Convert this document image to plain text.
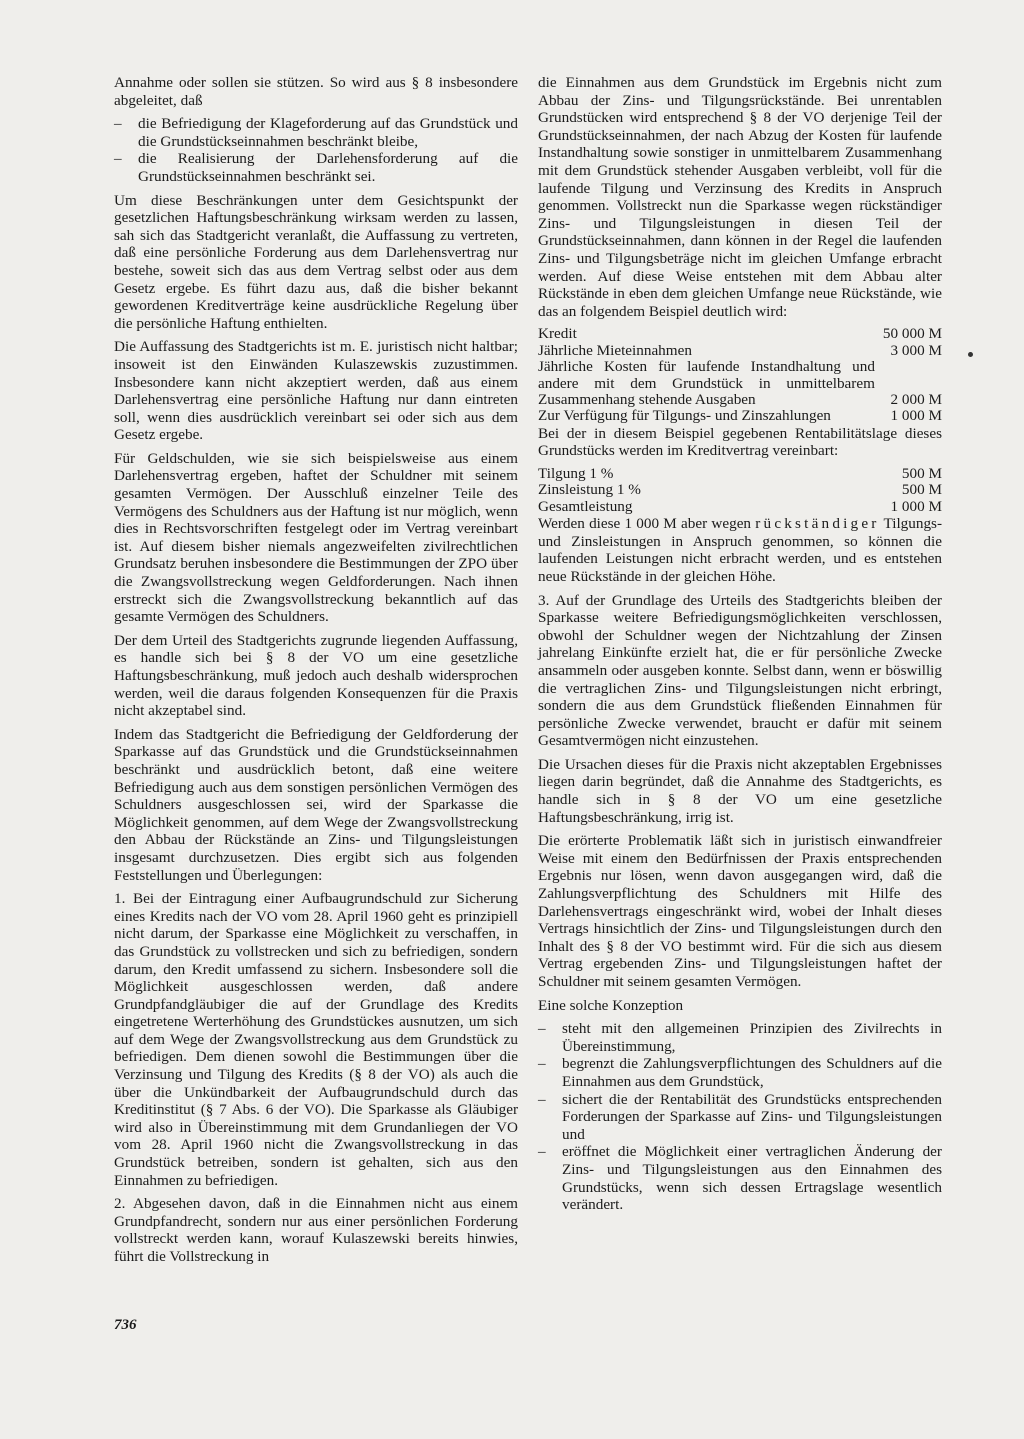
Annahme oder sollen sie stützen. So wird aus § 8 insbesondere abgeleitet, daß

– die Befriedigung der Klageforderung auf das Grundstück und die Grundstückseinnahmen beschränkt bleibe,
– die Realisierung der Darlehensforderung auf die Grundstückseinnahmen beschränkt sei.

Um diese Beschränkungen unter dem Gesichtspunkt der gesetzlichen Haftungsbeschränkung wirksam werden zu lassen, sah sich das Stadtgericht veranlaßt, die Auffassung zu vertreten, daß eine persönliche Forderung aus dem Darlehensvertrag nur bestehe, soweit sich das aus dem Vertrag selbst oder aus dem Gesetz ergebe. Es führt dazu aus, daß die bisher bekannt gewordenen Kreditverträge keine ausdrückliche Regelung über die persönliche Haftung enthielten.

Die Auffassung des Stadtgerichts ist m. E. juristisch nicht haltbar; insoweit ist den Einwänden Kulaszewskis zuzustimmen. Insbesondere kann nicht akzeptiert werden, daß aus einem Darlehensvertrag eine persönliche Haftung nur dann eintreten soll, wenn dies ausdrücklich vereinbart sei oder sich aus dem Gesetz ergebe.

Für Geldschulden, wie sie sich beispielsweise aus einem Darlehensvertrag ergeben, haftet der Schuldner mit seinem gesamten Vermögen. Der Ausschluß einzelner Teile des Vermögens des Schuldners aus der Haftung ist nur möglich, wenn dies in Rechtsvorschriften festgelegt oder im Vertrag vereinbart ist. Auf diesem bisher niemals angezweifelten zivilrechtlichen Grundsatz beruhen insbesondere die Bestimmungen der ZPO über die Zwangsvollstreckung wegen Geldforderungen. Nach ihnen erstreckt sich die Zwangsvollstreckung bekanntlich auf das gesamte Vermögen des Schuldners.

Der dem Urteil des Stadtgerichts zugrunde liegenden Auffassung, es handle sich bei § 8 der VO um eine gesetzliche Haftungsbeschränkung, muß jedoch auch deshalb widersprochen werden, weil die daraus folgenden Konsequenzen für die Praxis nicht akzeptabel sind.

Indem das Stadtgericht die Befriedigung der Geldforderung der Sparkasse auf das Grundstück und die Grundstückseinnahmen beschränkt und ausdrücklich betont, daß eine weitere Befriedigung auch aus dem sonstigen persönlichen Vermögen des Schuldners ausgeschlossen sei, wird der Sparkasse die Möglichkeit genommen, auf dem Wege der Zwangsvollstreckung den Abbau der Rückstände an Zins- und Tilgungsleistungen insgesamt durchzusetzen. Dies ergibt sich aus folgenden Feststellungen und Überlegungen:

1. Bei der Eintragung einer Aufbaugrundschuld zur Sicherung eines Kredits nach der VO vom 28. April 1960 geht es prinzipiell nicht darum, der Sparkasse eine Möglichkeit zu verschaffen, in das Grundstück zu vollstrecken und sich zu befriedigen, sondern darum, den Kredit umfassend zu sichern. Insbesondere soll die Möglichkeit ausgeschlossen werden, daß andere Grundpfandgläubiger die auf der Grundlage des Kredits eingetretene Werterhöhung des Grundstückes ausnutzen, um sich auf dem Wege der Zwangsvollstreckung aus dem Grundstück zu befriedigen. Dem dienen sowohl die Bestimmungen über die Verzinsung und Tilgung des Kredits (§ 8 der VO) als auch die über die Unkündbarkeit der Aufbaugrundschuld durch das Kreditinstitut (§ 7 Abs. 6 der VO). Die Sparkasse als Gläubiger wird also in Übereinstimmung mit dem Grundanliegen der VO vom 28. April 1960 nicht die Zwangsvollstreckung in das Grundstück betreiben, sondern ist gehalten, sich aus den Einnahmen zu befriedigen.

2. Abgesehen davon, daß in die Einnahmen nicht aus einem Grundpfandrecht, sondern nur aus einer persönlichen Forderung vollstreckt werden kann, worauf Kulaszewski bereits hinwies, führt die Vollstreckung in

die Einnahmen aus dem Grundstück im Ergebnis nicht zum Abbau der Zins- und Tilgungsrückstände. Bei unrentablen Grundstücken wird entsprechend § 8 der VO derjenige Teil der Grundstückseinnahmen, der nach Abzug der Kosten für laufende Instandhaltung sowie sonstiger in unmittelbarem Zusammenhang mit dem Grundstück stehender Ausgaben verbleibt, voll für die laufende Tilgung und Verzinsung des Kredits in Anspruch genommen. Vollstreckt nun die Sparkasse wegen rückständiger Zins- und Tilgungsleistungen in diesen Teil der Grundstückseinnahmen, dann können in der Regel die laufenden Zins- und Tilgungsbeträge nicht im gleichen Umfange erbracht werden. Auf diese Weise entstehen mit dem Abbau alter Rückstände in eben dem gleichen Umfange neue Rückstände, wie das an folgendem Beispiel deutlich wird:

Kredit	50 000 M
Jährliche Mieteinnahmen	3 000 M
Jährliche Kosten für laufende Instandhaltung und andere mit dem Grundstück in unmittelbarem Zusammenhang stehende Ausgaben	2 000 M
Zur Verfügung für Tilgungs- und Zinszahlungen	1 000 M

Bei der in diesem Beispiel gegebenen Rentabilitätslage dieses Grundstücks werden im Kreditvertrag vereinbart:

Tilgung 1 %	500 M
Zinsleistung 1 %	500 M
Gesamtleistung	1 000 M

Werden diese 1 000 M aber wegen rückständiger Tilgungs- und Zinsleistungen in Anspruch genommen, so können die laufenden Leistungen nicht erbracht werden, und es entstehen neue Rückstände in der gleichen Höhe.

3. Auf der Grundlage des Urteils des Stadtgerichts bleiben der Sparkasse weitere Befriedigungsmöglichkeiten verschlossen, obwohl der Schuldner wegen der Nichtzahlung der Zinsen jahrelang Einkünfte erzielt hat, die er für persönliche Zwecke ansammeln oder ausgeben konnte. Selbst dann, wenn er böswillig die vertraglichen Zins- und Tilgungsleistungen nicht erbringt, sondern die aus dem Grundstück fließenden Einnahmen für persönliche Zwecke verwendet, braucht er dafür mit seinem Gesamtvermögen nicht einzustehen.

Die Ursachen dieses für die Praxis nicht akzeptablen Ergebnisses liegen darin begründet, daß die Annahme des Stadtgerichts, es handle sich in § 8 der VO um eine gesetzliche Haftungsbeschränkung, irrig ist.

Die erörterte Problematik läßt sich in juristisch einwandfreier Weise mit einem den Bedürfnissen der Praxis entsprechenden Ergebnis nur lösen, wenn davon ausgegangen wird, daß die Zahlungsverpflichtung des Schuldners mit Hilfe des Darlehensvertrags eingeschränkt wird, wobei der Inhalt dieses Vertrags hinsichtlich der Zins- und Tilgungsleistungen durch den Inhalt des § 8 der VO bestimmt wird. Für die sich aus diesem Vertrag ergebenden Zins- und Tilgungsleistungen haftet der Schuldner mit seinem gesamten Vermögen.

Eine solche Konzeption

– steht mit den allgemeinen Prinzipien des Zivilrechts in Übereinstimmung,
– begrenzt die Zahlungsverpflichtungen des Schuldners auf die Einnahmen aus dem Grundstück,
– sichert die der Rentabilität des Grundstücks entsprechenden Forderungen der Sparkasse auf Zins- und Tilgungsleistungen und
– eröffnet die Möglichkeit einer vertraglichen Änderung der Zins- und Tilgungsleistungen aus den Einnahmen des Grundstücks, wenn sich dessen Ertragslage wesentlich verändert.
736
